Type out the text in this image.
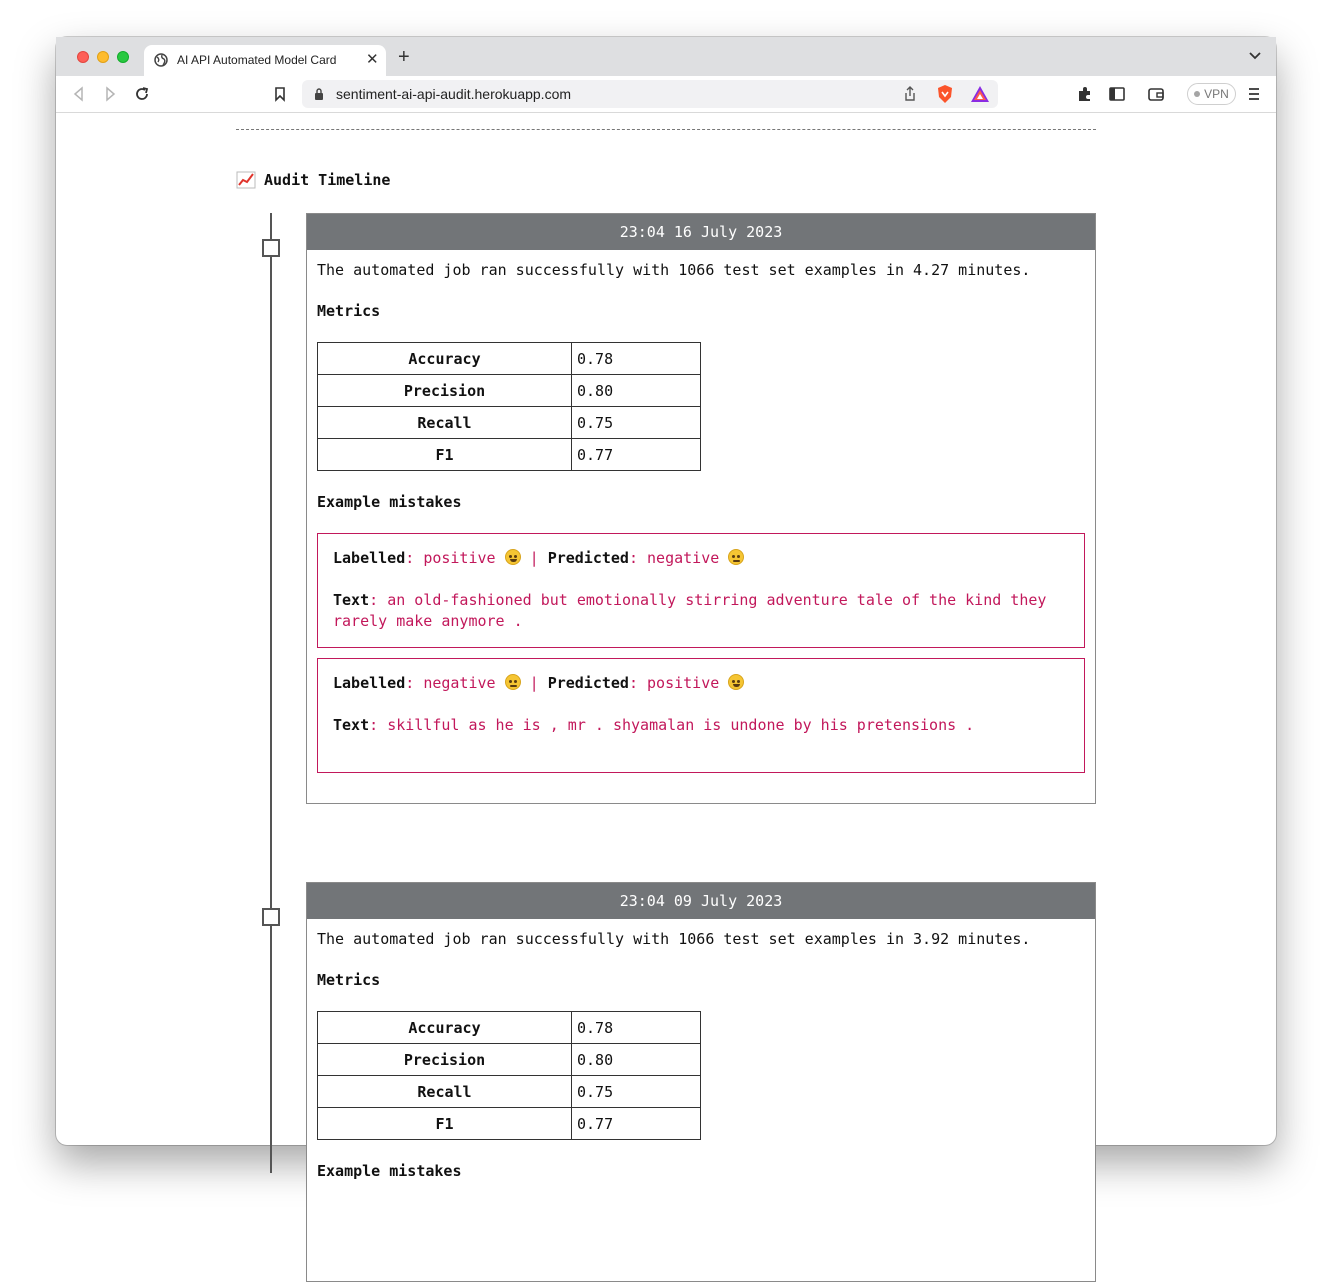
AI API Automated Model Card ✕ +
sentiment-ai-api-audit.herokuapp.com	VPN
Audit Timeline
23:04 16 July 2023

The automated job ran successfully with 1066 test set examples in 4.27 minutes.

Metrics

Accuracy	0.78
Precision	0.80
Recall	0.75
F1	0.77

Example mistakes

Labelled: positive
| Predicted: negative
Text: an old-fashioned but emotionally stirring adventure tale of the kind they rarely make anymore .
Labelled: negative
| Predicted: positive
Text: skillful as he is , mr . shyamalan is undone by his pretensions .
23:04 09 July 2023

The automated job ran successfully with 1066 test set examples in 3.92 minutes.

Metrics

Accuracy	0.78
Precision	0.80
Recall	0.75
F1	0.77

Example mistakes
